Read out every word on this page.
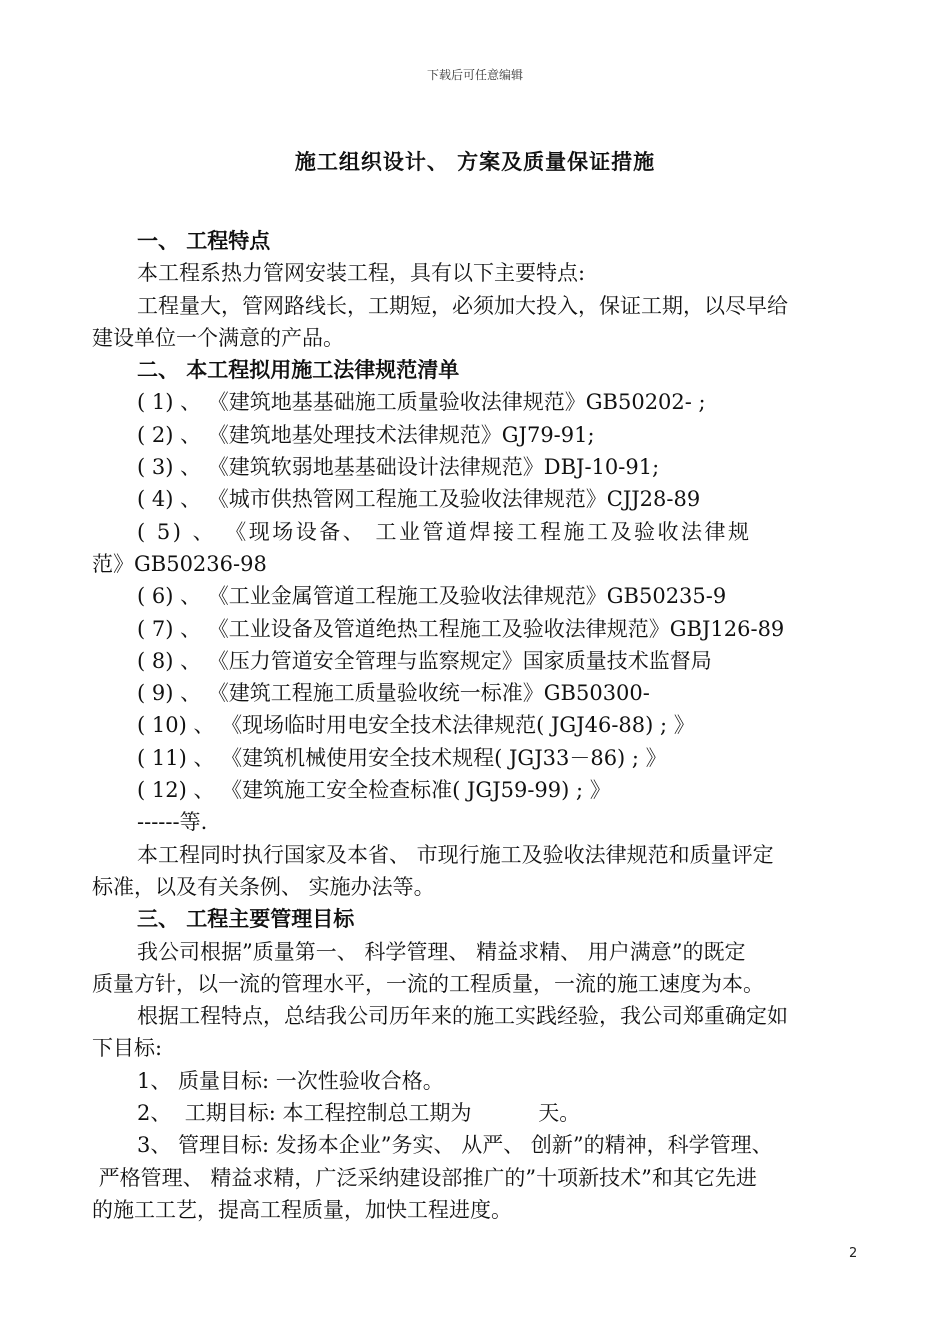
下载后可任意编辑
施工组织设计、 方案及质量保证措施
一、 工程特点
本工程系热力管网安装工程，具有以下主要特点:
工程量大，管网路线长，工期短，必须加大投入，保证工期，以尽早给
建设单位一个满意的产品。
二、 本工程拟用施工法律规范清单
( 1) 、 《建筑地基基础施工质量验收法律规范》GB50202- ;
( 2) 、 《建筑地基处理技术法律规范》GJ79-91;
( 3) 、 《建筑软弱地基基础设计法律规范》DBJ-10-91;
( 4) 、 《城市供热管网工程施工及验收法律规范》CJJ28-89
( 5) 、 《现场设备、 工业管道焊接工程施工及验收法律规
范》GB50236-98
( 6) 、 《工业金属管道工程施工及验收法律规范》GB50235-9
( 7) 、 《工业设备及管道绝热工程施工及验收法律规范》GBJ126-89
( 8) 、 《压力管道安全管理与监察规定》国家质量技术监督局
( 9) 、 《建筑工程施工质量验收统一标准》GB50300-
( 10) 、 《现场临时用电安全技术法律规范( JGJ46-88) ; 》
( 11) 、 《建筑机械使用安全技术规程( JGJ33－86) ; 》
( 12) 、 《建筑施工安全检查标准( JGJ59-99) ; 》
------等.
本工程同时执行国家及本省、 市现行施工及验收法律规范和质量评定
标准，以及有关条例、 实施办法等。
三、 工程主要管理目标
我公司根据”质量第一、 科学管理、 精益求精、 用户满意”的既定
质量方针，以一流的管理水平，一流的工程质量，一流的施工速度为本。
根据工程特点，总结我公司历年来的施工实践经验，我公司郑重确定如
下目标:
1、 质量目标: 一次性验收合格。
2、  工期目标: 本工程控制总工期为          天。
3、 管理目标: 发扬本企业”务实、 从严、 创新”的精神，科学管理、
严格管理、 精益求精，广泛采纳建设部推广的”十项新技术”和其它先进
的施工工艺，提高工程质量，加快工程进度。
2
